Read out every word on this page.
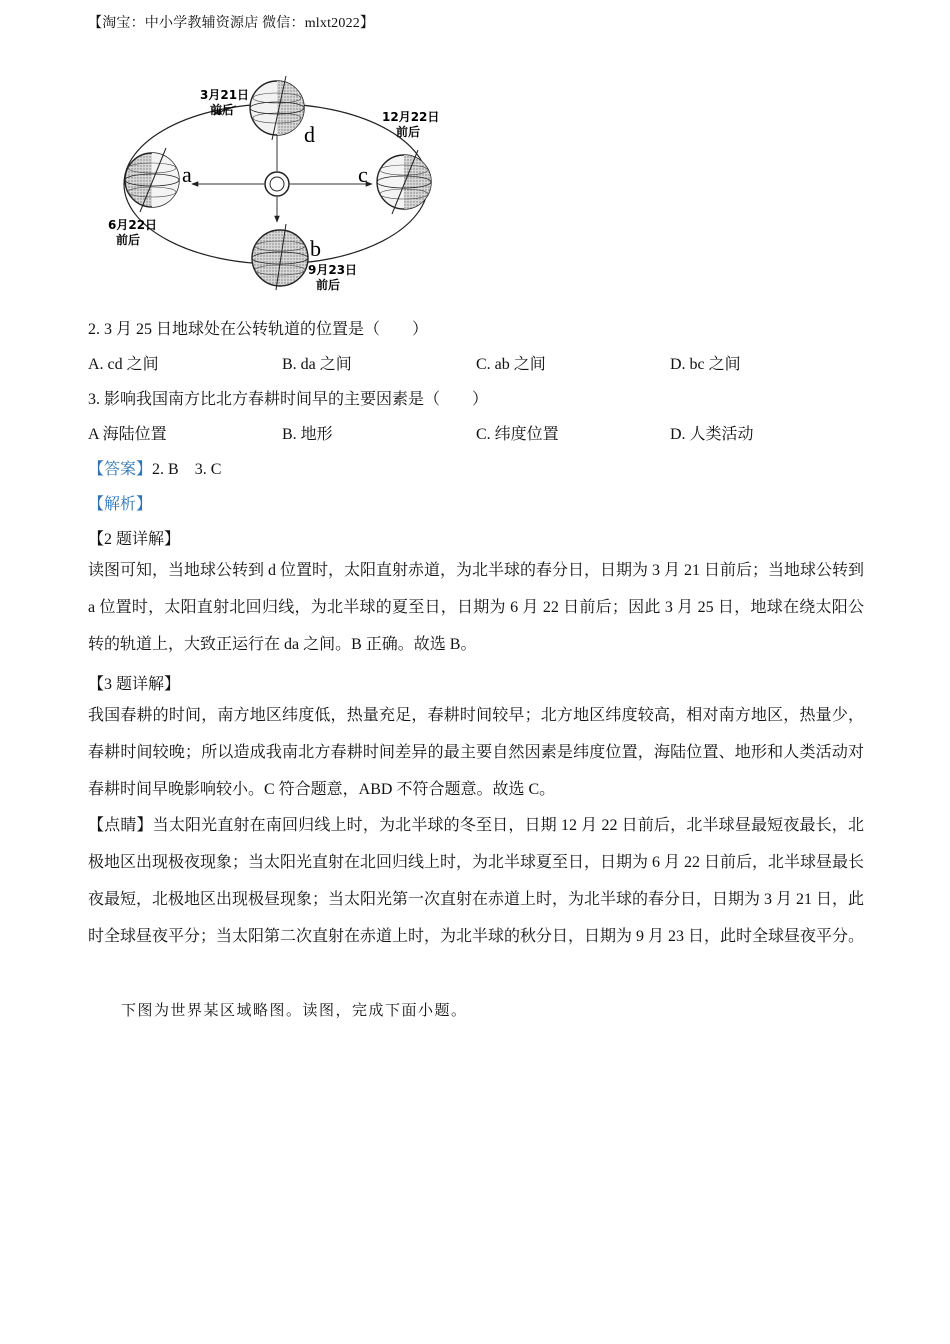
【淘宝：中小学教辅资源店 微信：mlxt2022】
d
a	c
b
3月21日
前后	12月22日
前后
6月22日
前后
9月23日
前后
2. 3 月 25 日地球处在公转轨道的位置是（　　）
A. cd 之间	B. da 之间	C. ab 之间	D. bc 之间
3. 影响我国南方比北方春耕时间早的主要因素是（　　）
A 海陆位置	B. 地形	C. 纬度位置	D. 人类活动
【答案】2. B    3. C
【解析】
【2 题详解】
读图可知，当地球公转到 d 位置时，太阳直射赤道，为北半球的春分日，日期为 3 月 21 日前后；当地球公转到 a 位置时，太阳直射北回归线，为北半球的夏至日，日期为 6 月 22 日前后；因此 3 月 25 日，地球在绕太阳公转的轨道上，大致正运行在 da 之间。B 正确。故选 B。
【3 题详解】
我国春耕的时间，南方地区纬度低，热量充足，春耕时间较早；北方地区纬度较高，相对南方地区，热量少，春耕时间较晚；所以造成我南北方春耕时间差异的最主要自然因素是纬度位置，海陆位置、地形和人类活动对春耕时间早晚影响较小。C 符合题意，ABD 不符合题意。故选 C。
【点睛】当太阳光直射在南回归线上时，为北半球的冬至日，日期 12 月 22 日前后，北半球昼最短夜最长，北极地区出现极夜现象；当太阳光直射在北回归线上时，为北半球夏至日，日期为 6 月 22 日前后，北半球昼最长夜最短，北极地区出现极昼现象；当太阳光第一次直射在赤道上时，为北半球的春分日，日期为 3 月 21 日，此时全球昼夜平分；当太阳第二次直射在赤道上时，为北半球的秋分日，日期为 9 月 23 日，此时全球昼夜平分。
下图为世界某区域略图。读图，完成下面小题。
